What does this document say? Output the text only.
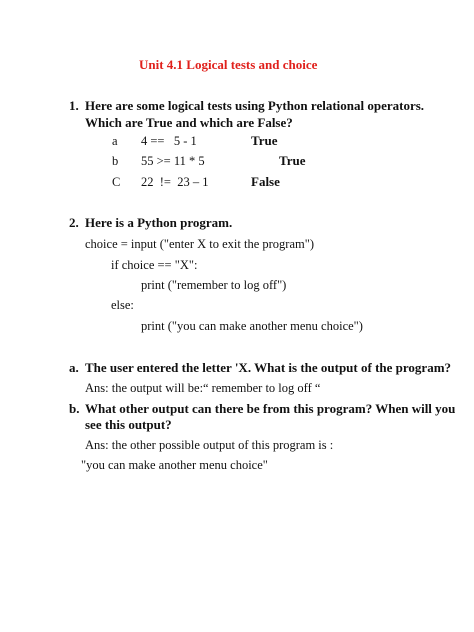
Unit 4.1 Logical tests and choice
1. Here are some logical tests using Python relational operators.
Which are True and which are False?
a 4 ==   5 - 1	True
b 55 >= 11 * 5	True
C 22  !=  23 – 1	False
2. Here is a Python program.
choice = input ("enter X to exit the program")
if choice == "X":
print ("remember to log off")
else:
print ("you can make another menu choice")
a. The user entered the letter 'X. What is the output of the program?
Ans: the output will be: “ remember to log off “
b. What other output can there be from this program? When will you
see this output?
Ans: the other possible output of this program is :
"you can make another menu choice"
